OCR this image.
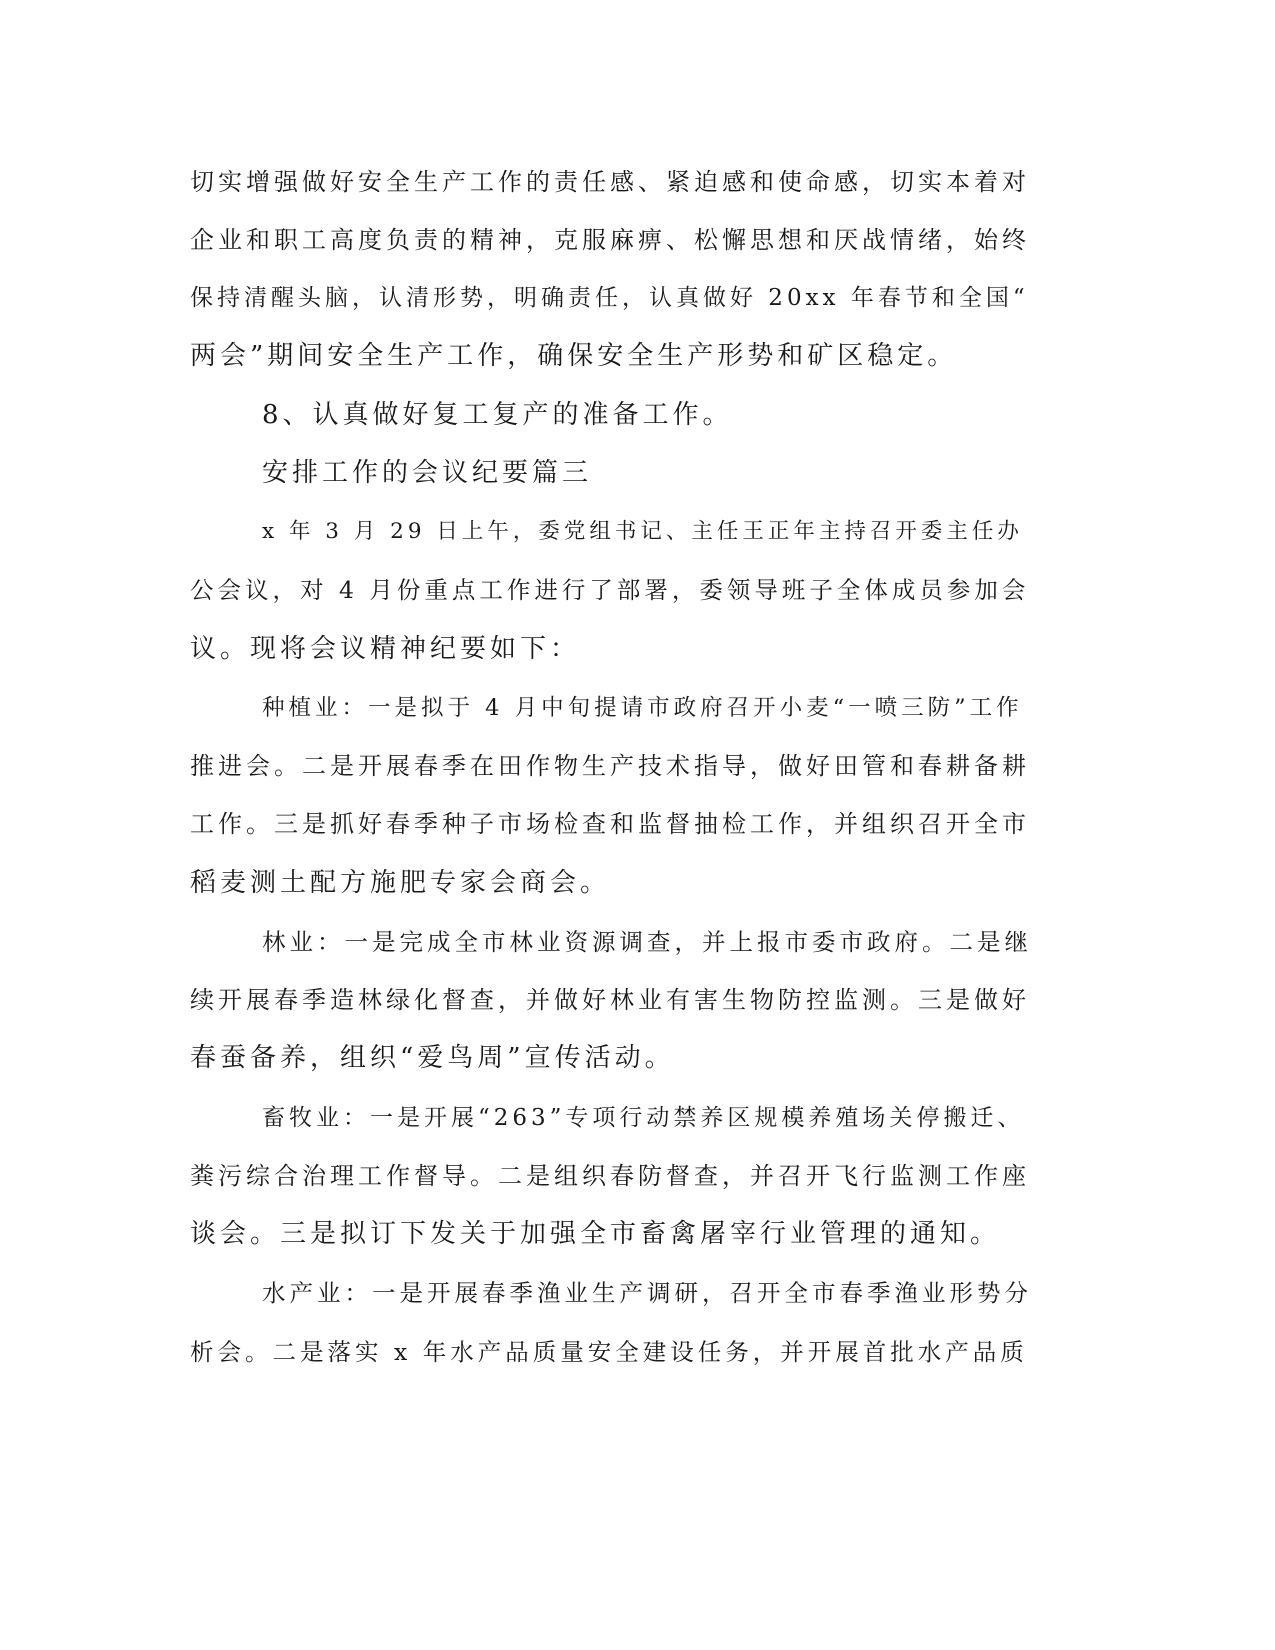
切实增强做好安全生产工作的责任感、紧迫感和使命感，切实本着对
企业和职工高度负责的精神，克服麻痹、松懈思想和厌战情绪，始终
保持清醒头脑，认清形势，明确责任，认真做好 20xx 年春节和全国“
两会”期间安全生产工作，确保安全生产形势和矿区稳定。
8、认真做好复工复产的准备工作。
安排工作的会议纪要篇三
x 年 3 月 29 日上午，委党组书记、主任王正年主持召开委主任办
公会议，对 4 月份重点工作进行了部署，委领导班子全体成员参加会
议。现将会议精神纪要如下：
种植业：一是拟于 4 月中旬提请市政府召开小麦“一喷三防”工作
推进会。二是开展春季在田作物生产技术指导，做好田管和春耕备耕
工作。三是抓好春季种子市场检查和监督抽检工作，并组织召开全市
稻麦测土配方施肥专家会商会。
林业：一是完成全市林业资源调查，并上报市委市政府。二是继
续开展春季造林绿化督查，并做好林业有害生物防控监测。三是做好
春蚕备养，组织“爱鸟周”宣传活动。
畜牧业：一是开展“263”专项行动禁养区规模养殖场关停搬迁、
粪污综合治理工作督导。二是组织春防督查，并召开飞行监测工作座
谈会。三是拟订下发关于加强全市畜禽屠宰行业管理的通知。
水产业：一是开展春季渔业生产调研，召开全市春季渔业形势分
析会。二是落实 x 年水产品质量安全建设任务，并开展首批水产品质
